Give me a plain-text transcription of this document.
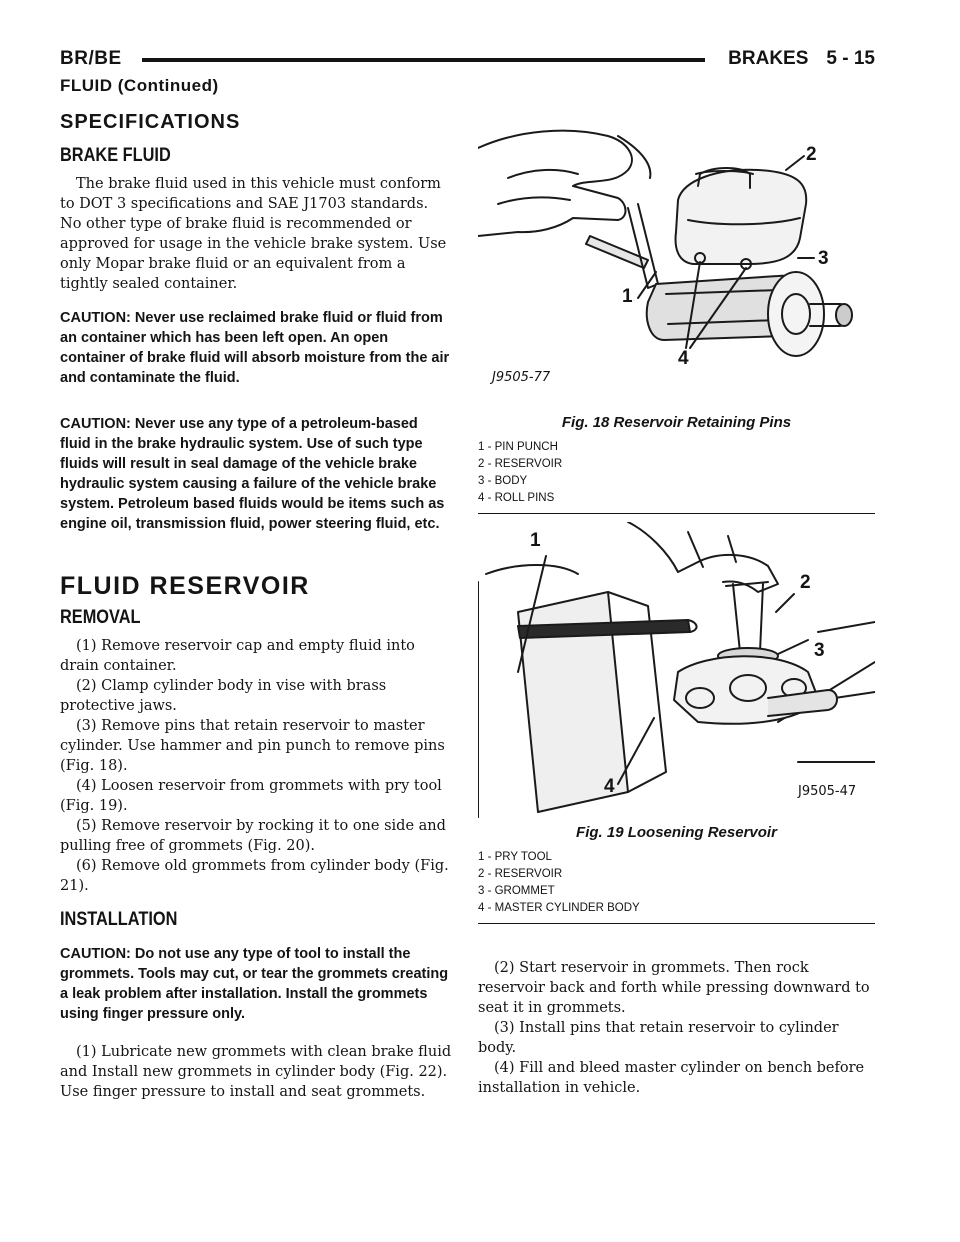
BR/BE	BRAKES 5 - 15
FLUID (Continued)
SPECIFICATIONS
BRAKE FLUID

The brake fluid used in this vehicle must conform to DOT 3 specifications and SAE J1703 standards. No other type of brake fluid is recommended or approved for usage in the vehicle brake system. Use only Mopar brake fluid or an equivalent from a tightly sealed container.

CAUTION: Never use reclaimed brake fluid or fluid from an container which has been left open. An open container of brake fluid will absorb moisture from the air and contaminate the fluid.
CAUTION: Never use any type of a petroleum-based fluid in the brake hydraulic system. Use of such type fluids will result in seal damage of the vehicle brake hydraulic system causing a failure of the vehicle brake system. Petroleum based fluids would be items such as engine oil, transmission fluid, power steering fluid, etc.
FLUID RESERVOIR
REMOVAL

(1) Remove reservoir cap and empty fluid into drain container.

(2) Clamp cylinder body in vise with brass protective jaws.

(3) Remove pins that retain reservoir to master cylinder. Use hammer and pin punch to remove pins (Fig. 18).

(4) Loosen reservoir from grommets with pry tool (Fig. 19).

(5) Remove reservoir by rocking it to one side and pulling free of grommets (Fig. 20).

(6) Remove old grommets from cylinder body (Fig. 21).

INSTALLATION
CAUTION: Do not use any type of tool to install the grommets. Tools may cut, or tear the grommets creating a leak problem after installation. Install the grommets using finger pressure only.

(1) Lubricate new grommets with clean brake fluid and Install new grommets in cylinder body (Fig. 22). Use finger pressure to install and seat grommets.

2
3
1
4
J9505-77
Fig. 18 Reservoir Retaining Pins
1 - PIN PUNCH
2 - RESERVOIR
3 - BODY
4 - ROLL PINS
1
2
3
4	J9505-47
Fig. 19 Loosening Reservoir
1 - PRY TOOL
2 - RESERVOIR
3 - GROMMET
4 - MASTER CYLINDER BODY

(2) Start reservoir in grommets. Then rock reservoir back and forth while pressing downward to seat it in grommets.

(3) Install pins that retain reservoir to cylinder body.

(4) Fill and bleed master cylinder on bench before installation in vehicle.
